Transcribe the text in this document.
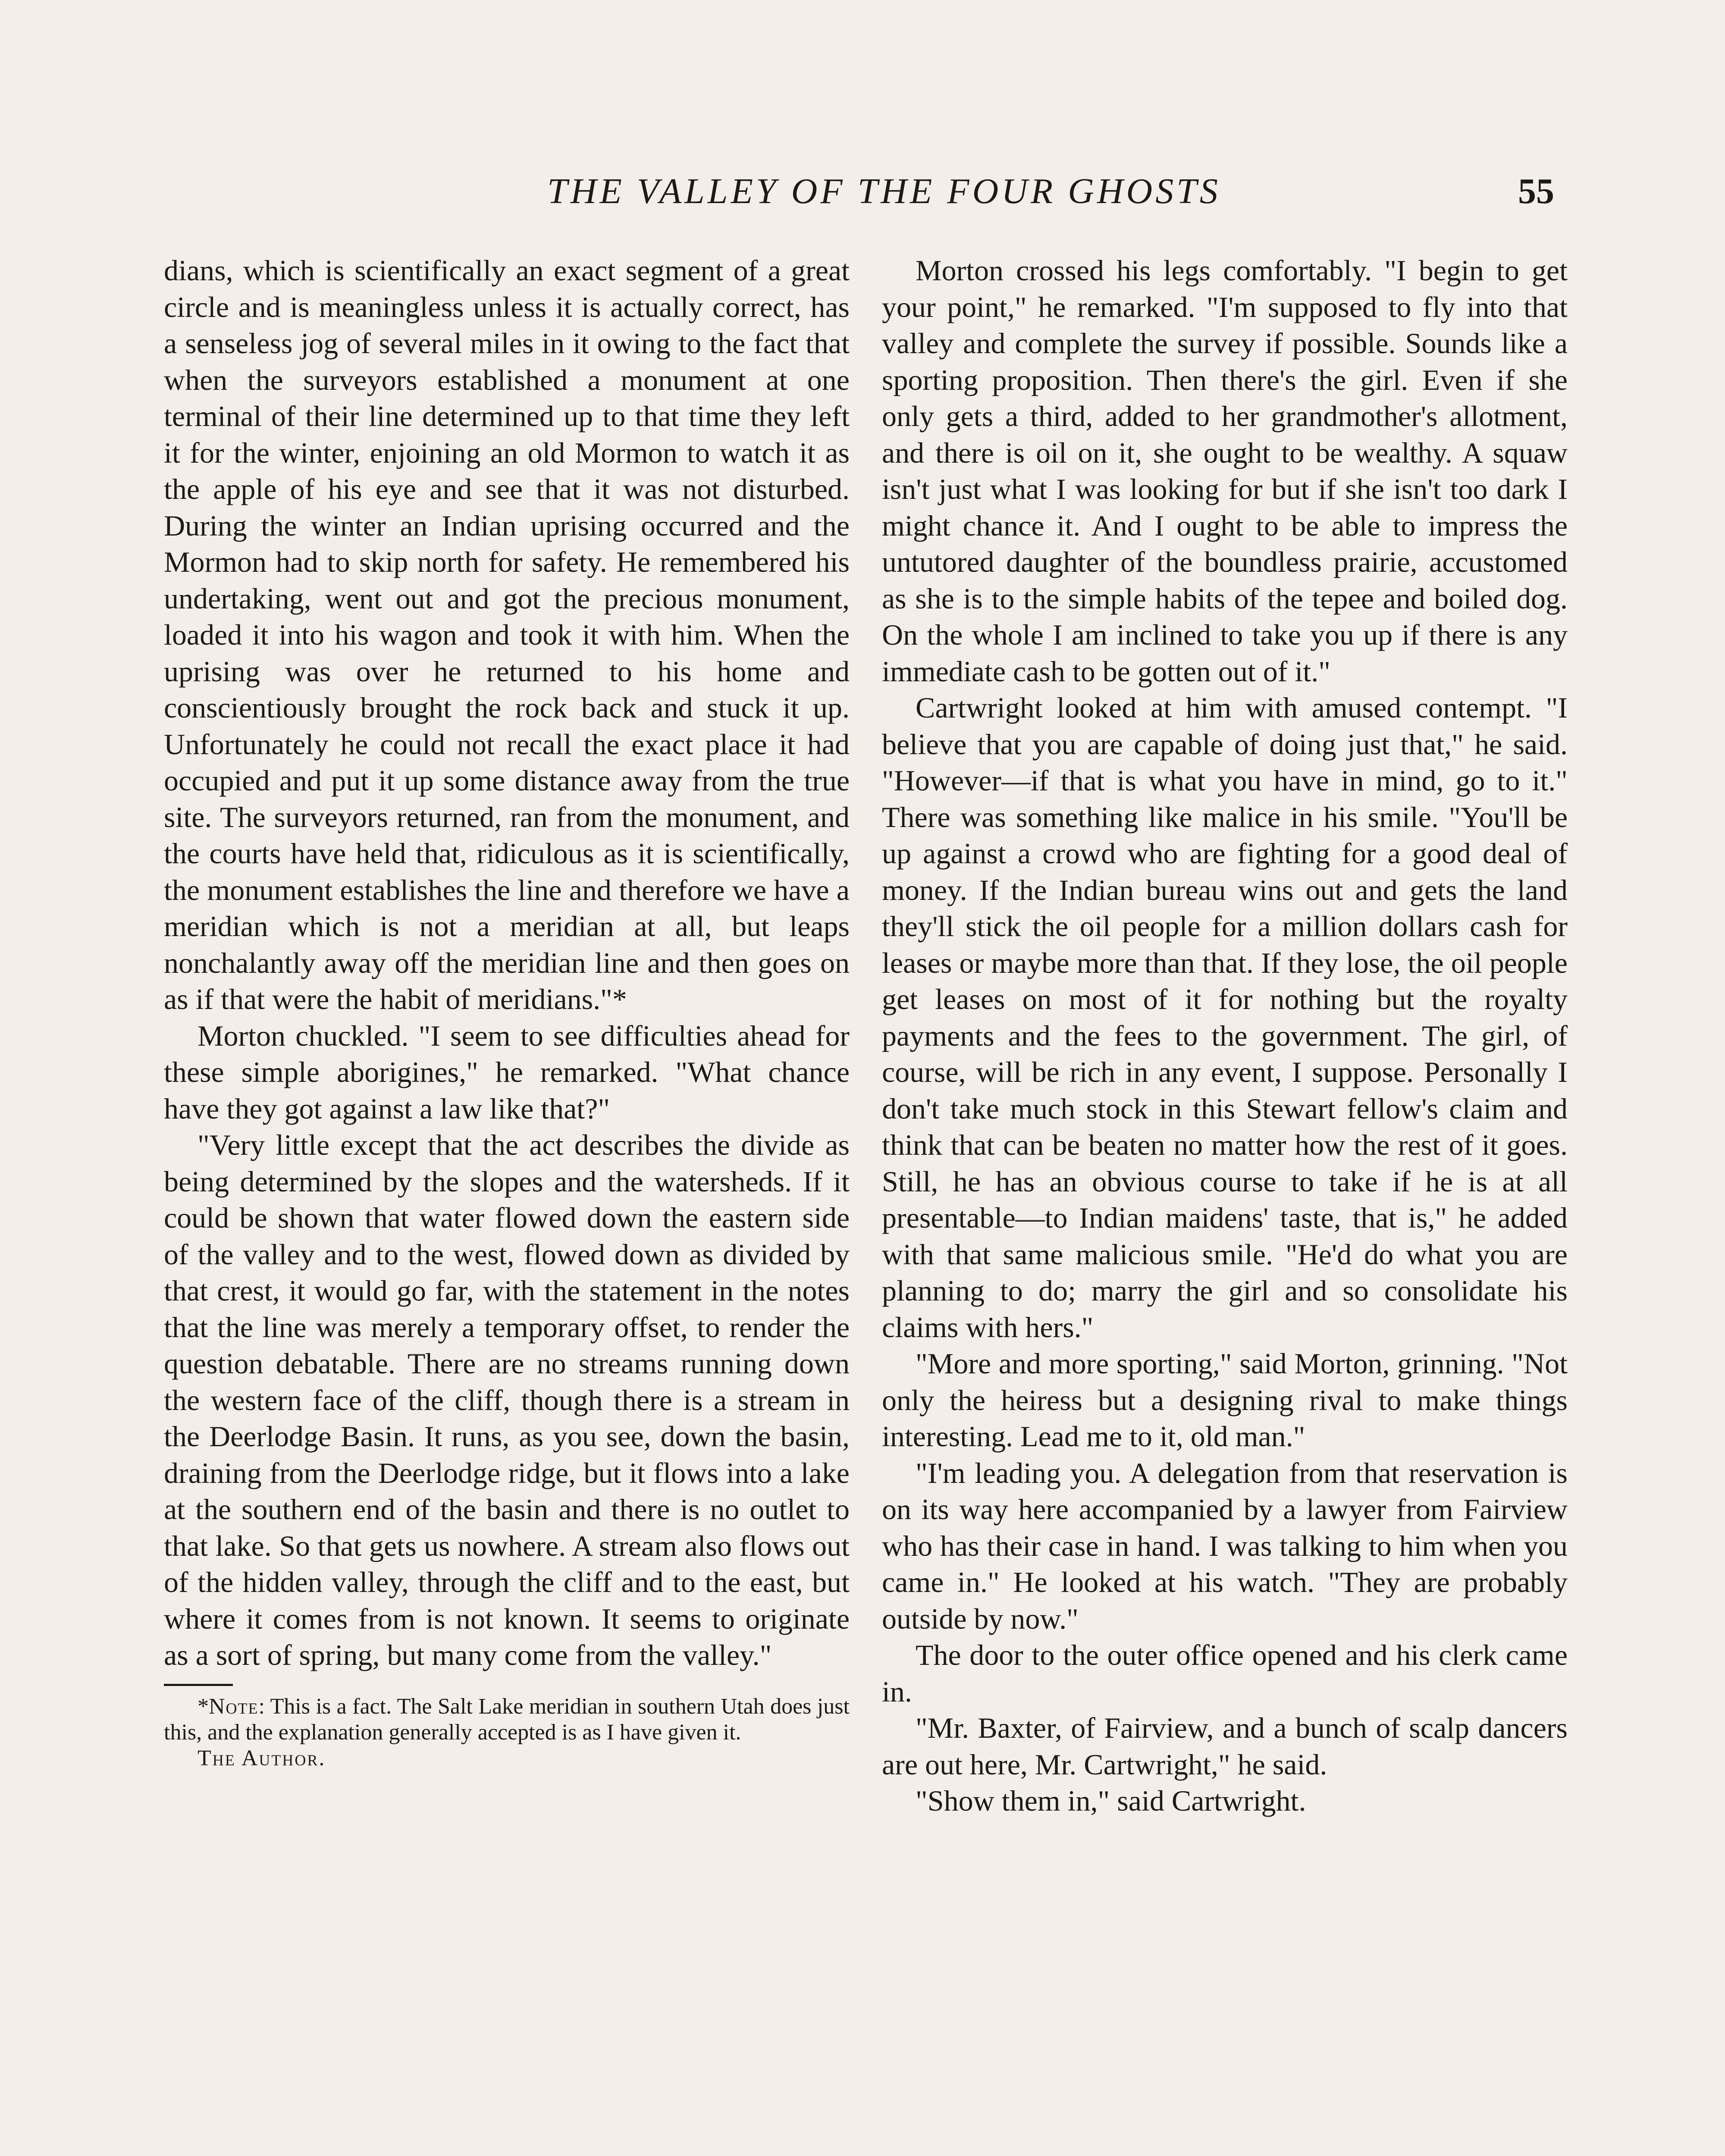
THE VALLEY OF THE FOUR GHOSTS	55

dians, which is scientifically an exact segment of a great circle and is meaningless unless it is actually correct, has a senseless jog of several miles in it owing to the fact that when the surveyors established a monument at one terminal of their line determined up to that time they left it for the winter, enjoining an old Mormon to watch it as the apple of his eye and see that it was not disturbed. During the winter an Indian uprising occurred and the Mormon had to skip north for safety. He remembered his undertaking, went out and got the precious monument, loaded it into his wagon and took it with him. When the uprising was over he returned to his home and conscientiously brought the rock back and stuck it up. Unfortunately he could not recall the exact place it had occupied and put it up some distance away from the true site. The surveyors returned, ran from the monument, and the courts have held that, ridiculous as it is scientifically, the monument establishes the line and therefore we have a meridian which is not a meridian at all, but leaps nonchalantly away off the meridian line and then goes on as if that were the habit of meridians."*

Morton chuckled. "I seem to see difficulties ahead for these simple aborigines," he remarked. "What chance have they got against a law like that?"

"Very little except that the act describes the divide as being determined by the slopes and the watersheds. If it could be shown that water flowed down the eastern side of the valley and to the west, flowed down as divided by that crest, it would go far, with the statement in the notes that the line was merely a temporary offset, to render the question debatable. There are no streams running down the western face of the cliff, though there is a stream in the Deerlodge Basin. It runs, as you see, down the basin, draining from the Deerlodge ridge, but it flows into a lake at the southern end of the basin and there is no outlet to that lake. So that gets us nowhere. A stream also flows out of the hidden valley, through the cliff and to the east, but where it comes from is not known. It seems to originate as a sort of spring, but many come from the valley."

*Note: This is a fact. The Salt Lake meridian in southern Utah does just this, and the explanation generally accepted is as I have given it.

The Author.

Morton crossed his legs comfortably. "I begin to get your point," he remarked. "I'm supposed to fly into that valley and complete the survey if possible. Sounds like a sporting proposition. Then there's the girl. Even if she only gets a third, added to her grandmother's allotment, and there is oil on it, she ought to be wealthy. A squaw isn't just what I was looking for but if she isn't too dark I might chance it. And I ought to be able to impress the untutored daughter of the boundless prairie, accustomed as she is to the simple habits of the tepee and boiled dog. On the whole I am inclined to take you up if there is any immediate cash to be gotten out of it."

Cartwright looked at him with amused contempt. "I believe that you are capable of doing just that," he said. "However—if that is what you have in mind, go to it." There was something like malice in his smile. "You'll be up against a crowd who are fighting for a good deal of money. If the Indian bureau wins out and gets the land they'll stick the oil people for a million dollars cash for leases or maybe more than that. If they lose, the oil people get leases on most of it for nothing but the royalty payments and the fees to the government. The girl, of course, will be rich in any event, I suppose. Personally I don't take much stock in this Stewart fellow's claim and think that can be beaten no matter how the rest of it goes. Still, he has an obvious course to take if he is at all presentable—to Indian maidens' taste, that is," he added with that same malicious smile. "He'd do what you are planning to do; marry the girl and so consolidate his claims with hers."

"More and more sporting," said Morton, grinning. "Not only the heiress but a designing rival to make things interesting. Lead me to it, old man."

"I'm leading you. A delegation from that reservation is on its way here accompanied by a lawyer from Fairview who has their case in hand. I was talking to him when you came in." He looked at his watch. "They are probably outside by now."

The door to the outer office opened and his clerk came in.

"Mr. Baxter, of Fairview, and a bunch of scalp dancers are out here, Mr. Cartwright," he said.

"Show them in," said Cartwright.
